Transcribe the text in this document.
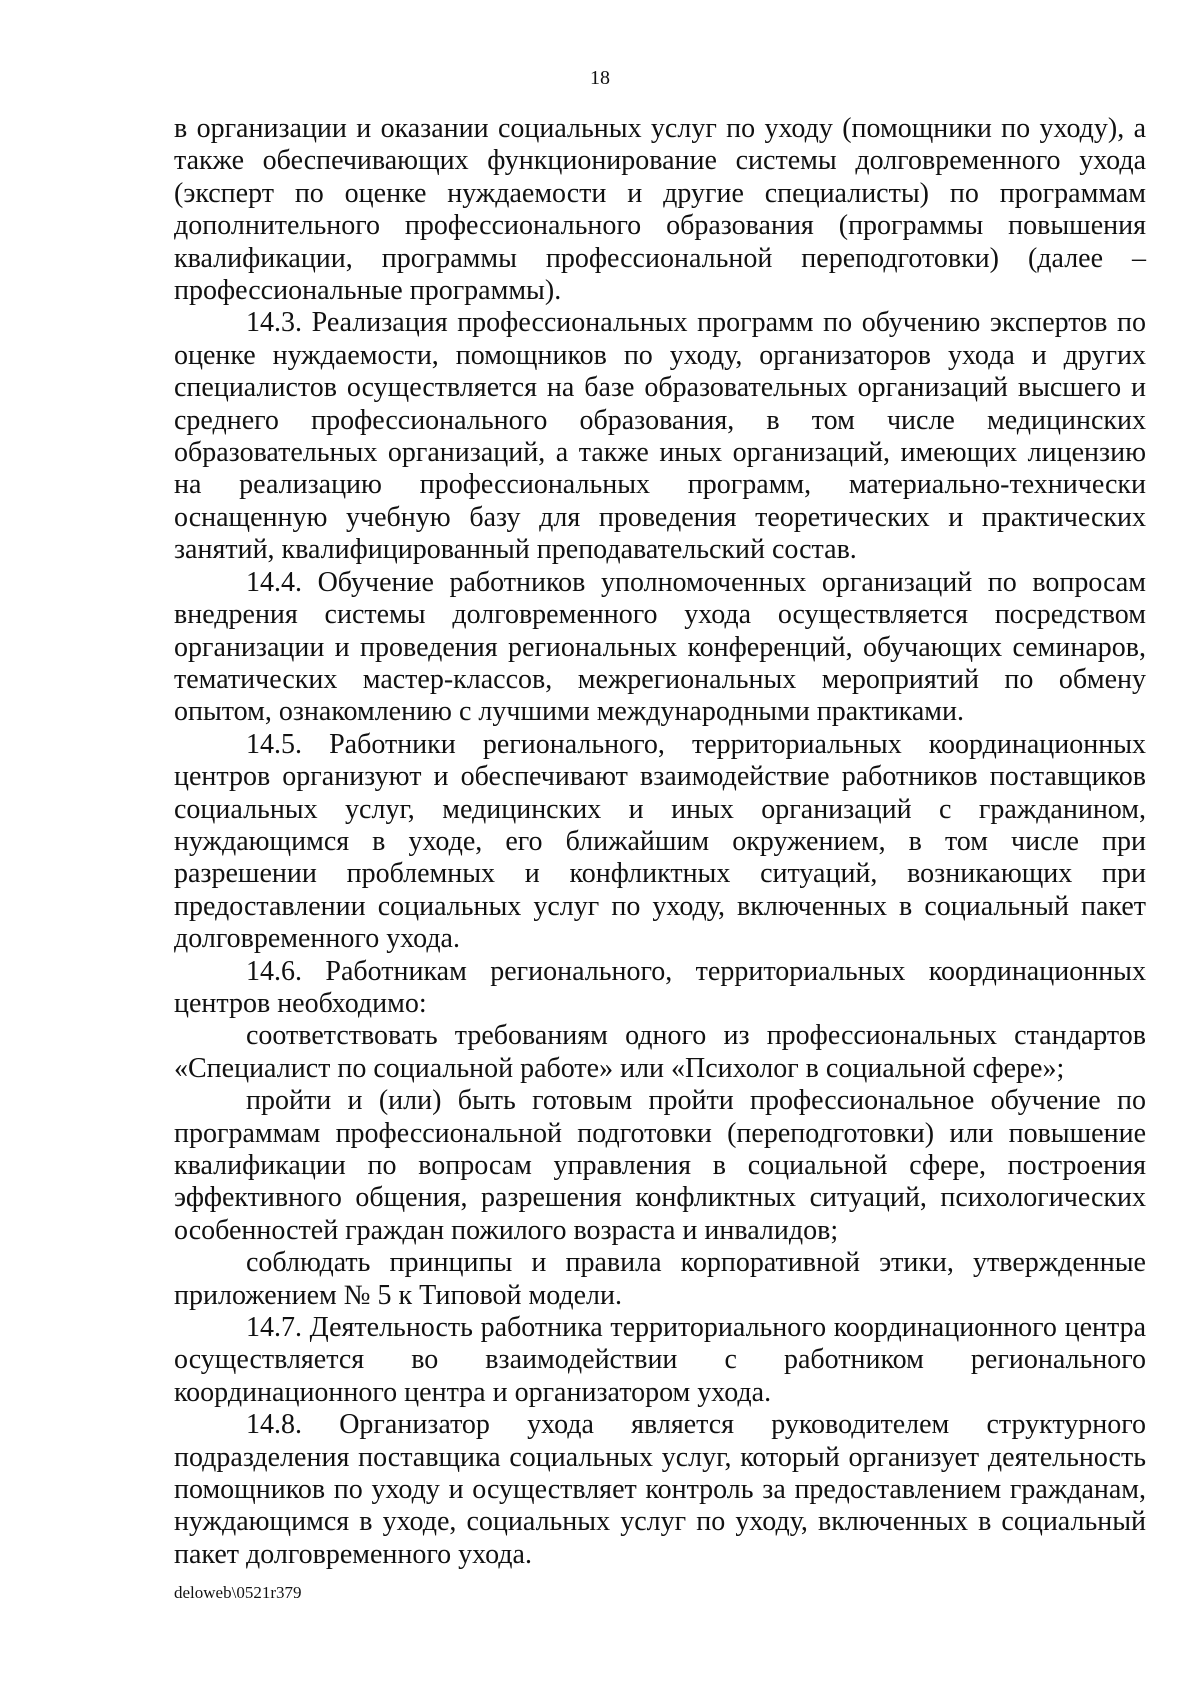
18

в организации и оказании социальных услуг по уходу (помощники по уходу), а также обеспечивающих функционирование системы долговременного ухода (эксперт по оценке нуждаемости и другие специалисты) по программам дополнительного профессионального образования (программы повышения квалификации, программы профессиональной переподготовки) (далее – профессиональные программы).

14.3. Реализация профессиональных программ по обучению экспертов по оценке нуждаемости, помощников по уходу, организаторов ухода и других специалистов осуществляется на базе образовательных организаций высшего и среднего профессионального образования, в том числе медицинских образовательных организаций, а также иных организаций, имеющих лицензию на реализацию профессиональных программ, материально-технически оснащенную учебную базу для проведения теоретических и практических занятий, квалифицированный преподавательский состав.

14.4. Обучение работников уполномоченных организаций по вопросам внедрения системы долговременного ухода осуществляется посредством организации и проведения региональных конференций, обучающих семинаров, тематических мастер-классов, межрегиональных мероприятий по обмену опытом, ознакомлению с лучшими международными практиками.

14.5. Работники регионального, территориальных координационных центров организуют и обеспечивают взаимодействие работников поставщиков социальных услуг, медицинских и иных организаций с гражданином, нуждающимся в уходе, его ближайшим окружением, в том числе при разрешении проблемных и конфликтных ситуаций, возникающих при предоставлении социальных услуг по уходу, включенных в социальный пакет долговременного ухода.

14.6. Работникам регионального, территориальных координационных центров необходимо:

соответствовать требованиям одного из профессиональных стандартов «Специалист по социальной работе» или «Психолог в социальной сфере»;

пройти и (или) быть готовым пройти профессиональное обучение по программам профессиональной подготовки (переподготовки) или повышение квалификации по вопросам управления в социальной сфере, построения эффективного общения, разрешения конфликтных ситуаций, психологических особенностей граждан пожилого возраста и инвалидов;

соблюдать принципы и правила корпоративной этики, утвержденные приложением № 5 к Типовой модели.

14.7. Деятельность работника территориального координационного центра осуществляется во взаимодействии с работником регионального координационного центра и организатором ухода.

14.8. Организатор ухода является руководителем структурного подразделения поставщика социальных услуг, который организует деятельность помощников по уходу и осуществляет контроль за предоставлением гражданам, нуждающимся в уходе, социальных услуг по уходу, включенных в социальный пакет долговременного ухода.

deloweb\0521r379
